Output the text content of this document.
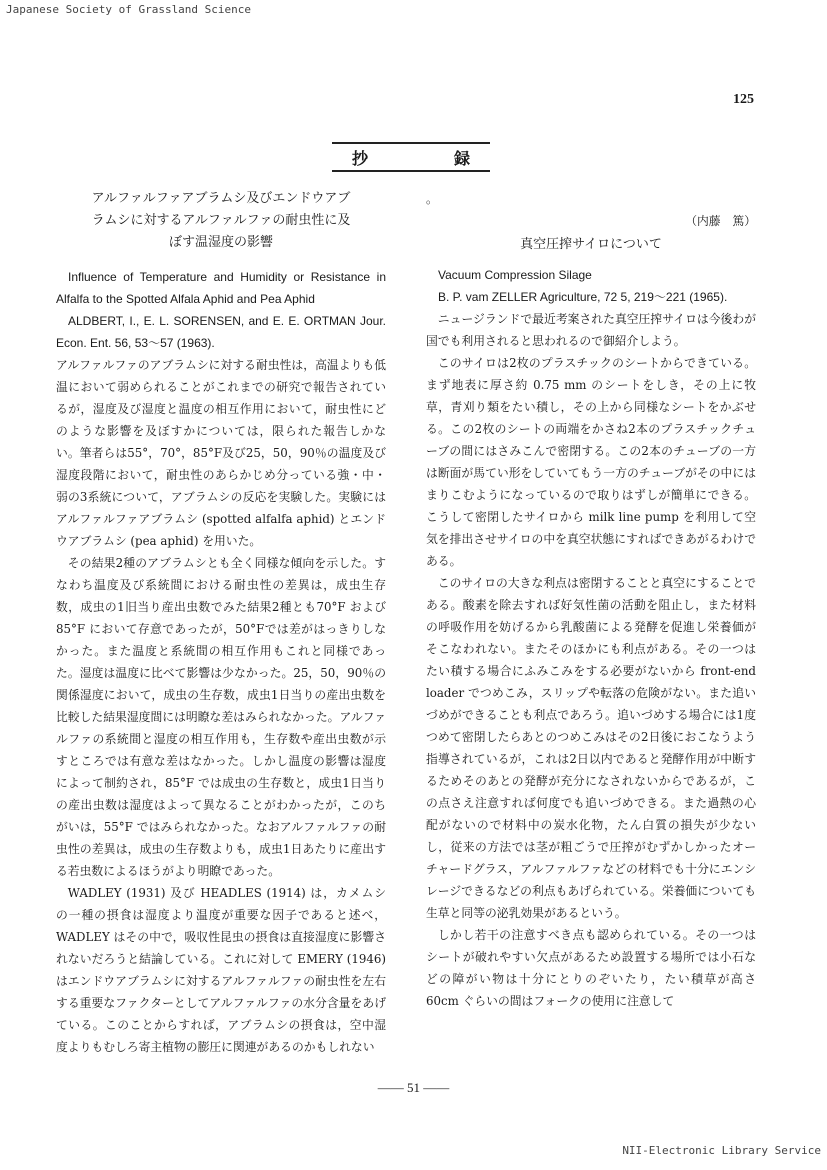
Japanese Society of Grassland Science
125
抄	録
アルファルファアブラムシ及びエンドウアブ
ラムシに対するアルファルファの耐虫性に及
ぼす温湿度の影響

Influence of Temperature and Humidity or Resistance in Alfalfa to the Spotted Alfala Aphid and Pea Aphid

ALDBERT, I., E. L. SORENSEN, and E. E. ORTMAN Jour. Econ. Ent. 56, 53～57 (1963).

アルファルファのアブラムシに対する耐虫性は，高温よりも低温において弱められることがこれまでの研究で報告されているが，湿度及び湿度と温度の相互作用において，耐虫性にどのような影響を及ぼすかについては，限られた報告しかない。筆者らは55°，70°，85°F及び25，50，90％の温度及び湿度段階において，耐虫性のあらかじめ分っている強・中・弱の3系統について，アブラムシの反応を実験した。実験にはアルファルファアブラムシ (spotted alfalfa aphid) とエンドウアブラムシ (pea aphid) を用いた。

その結果2種のアブラムシとも全く同様な傾向を示した。すなわち温度及び系統間における耐虫性の差異は，成虫生存数，成虫の1旧当り産出虫数でみた結果2種とも70°F および 85°F において存意であったが，50°Fでは差がはっきりしなかった。また温度と系統間の相互作用もこれと同様であった。湿度は温度に比べて影響は少なかった。25，50，90％の関係湿度において，成虫の生存数，成虫1日当りの産出虫数を比較した結果湿度間には明瞭な差はみられなかった。アルファルファの系統間と湿度の相互作用も，生存数や産出虫数が示すところでは有意な差はなかった。しかし温度の影響は湿度によって制約され，85°F では成虫の生存数と，成虫1日当りの産出虫数は湿度はよって異なることがわかったが，このちがいは，55°F ではみられなかった。なおアルファルファの耐虫性の差異は，成虫の生存数よりも，成虫1日あたりに産出する若虫数によるほうがより明瞭であった。

WADLEY (1931) 及び HEADLES (1914) は，カメムシの一種の摂食は湿度より温度が重要な因子であると述べ，WADLEY はその中で，吸収性昆虫の摂食は直接湿度に影響されないだろうと結論している。これに対して EMERY (1946) はエンドウアブラムシに対するアルファルファの耐虫性を左右する重要なファクターとしてアルファルファの水分含量をあげている。このことからすれば，アブラムシの摂食は，空中湿度よりもむしろ寄主植物の膨圧に関連があるのかもしれない

（内藤　篤）

真空圧搾サイロについて

Vacuum Compression Silage

B. P. vam ZELLER Agriculture, 72 5, 219～221 (1965).

ニュージランドで最近考案された真空圧搾サイロは今後わが国でも利用されると思われるので御紹介しよう。

このサイロは2枚のプラスチックのシートからできている。まず地表に厚さ約 0.75 mm のシートをしき，その上に牧草，青刈り類をたい積し，その上から同様なシートをかぶせる。この2枚のシートの両端をかさね2本のプラスチックチューブの間にはさみこんで密閉する。この2本のチューブの一方は断面が馬てい形をしていてもう一方のチューブがその中にはまりこむようになっているので取りはずしが簡単にできる。こうして密閉したサイロから milk line pump を利用して空気を排出させサイロの中を真空状態にすればできあがるわけである。

このサイロの大きな利点は密閉することと真空にすることである。酸素を除去すれば好気性菌の活動を阻止し，また材料の呼吸作用を妨げるから乳酸菌による発酵を促進し栄養価がそこなわれない。またそのほかにも利点がある。その一つはたい積する場合にふみこみをする必要がないから front-end loader でつめこみ，スリップや転落の危険がない。また追いづめができることも利点であろう。追いづめする場合には1度つめて密閉したらあとのつめこみはその2日後におこなうよう指導されているが，これは2日以内であると発酵作用が中断するためそのあとの発酵が充分になされないからであるが，この点さえ注意すれば何度でも追いづめできる。また過熱の心配がないので材料中の炭水化物，たん白質の損失が少ないし，従来の方法では茎が粗ごうで圧搾がむずかしかったオーチャードグラス，アルファルファなどの材料でも十分にエンシレージできるなどの利点もあげられている。栄養価についても生草と同等の泌乳効果があるという。

しかし若干の注意すべき点も認められている。その一つはシートが破れやすい欠点があるため設置する場所では小石などの障がい物は十分にとりのぞいたり，たい積草が高さ 60cm ぐらいの間はフォークの使用に注意して

―― 51 ――
NII-Electronic Library Service

。
